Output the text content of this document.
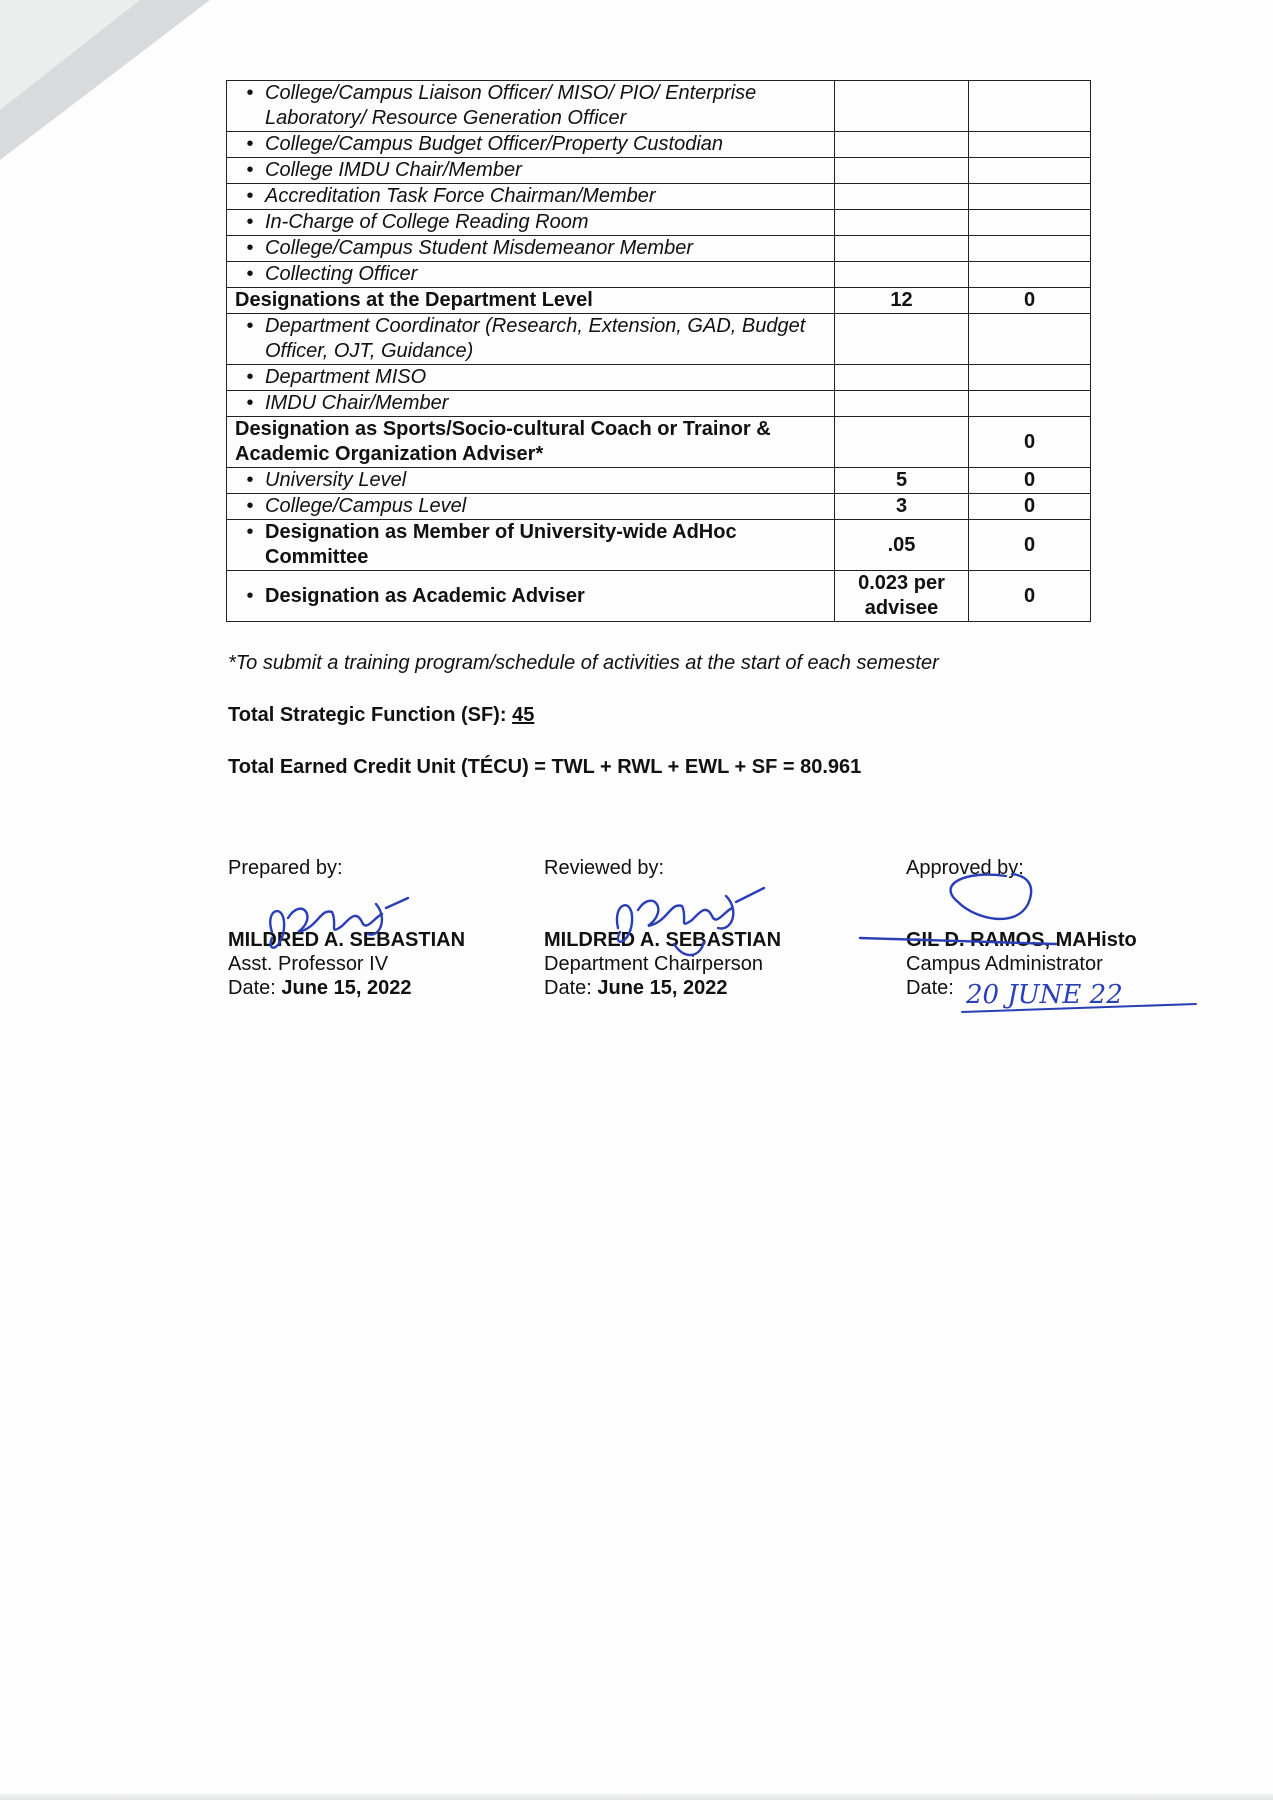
• College/Campus Liaison Officer/ MISO/ PIO/ Enterprise Laboratory/ Resource Generation Officer		

• College/Campus Budget Officer/Property Custodian		

• College IMDU Chair/Member		

• Accreditation Task Force Chairman/Member		

• In-Charge of College Reading Room		

• College/Campus Student Misdemeanor Member		

• Collecting Officer		

Designations at the Department Level	12	0

• Department Coordinator (Research, Extension, GAD, Budget Officer, OJT, Guidance)		

• Department MISO		

• IMDU Chair/Member		

Designation as Sports/Socio-cultural Coach or Trainor & Academic Organization Adviser*		0

• University Level	5	0

• College/Campus Level	3	0

• Designation as Member of University-wide AdHoc Committee	.05	0

• Designation as Academic Adviser	0.023 per advisee	0
*To submit a training program/schedule of activities at the start of each semester
Total Strategic Function (SF): 45
Total Earned Credit Unit (TÉCU) = TWL + RWL + EWL + SF = 80.961
Prepared by:
MILDRED A. SEBASTIAN
Asst. Professor IV
Date: June 15, 2022
Reviewed by:
MILDRED A. SEBASTIAN
Department Chairperson
Date: June 15, 2022
Approved by:
GIL D. RAMOS, MAHisto
Campus Administrator
Date: 20 JUNE 22
